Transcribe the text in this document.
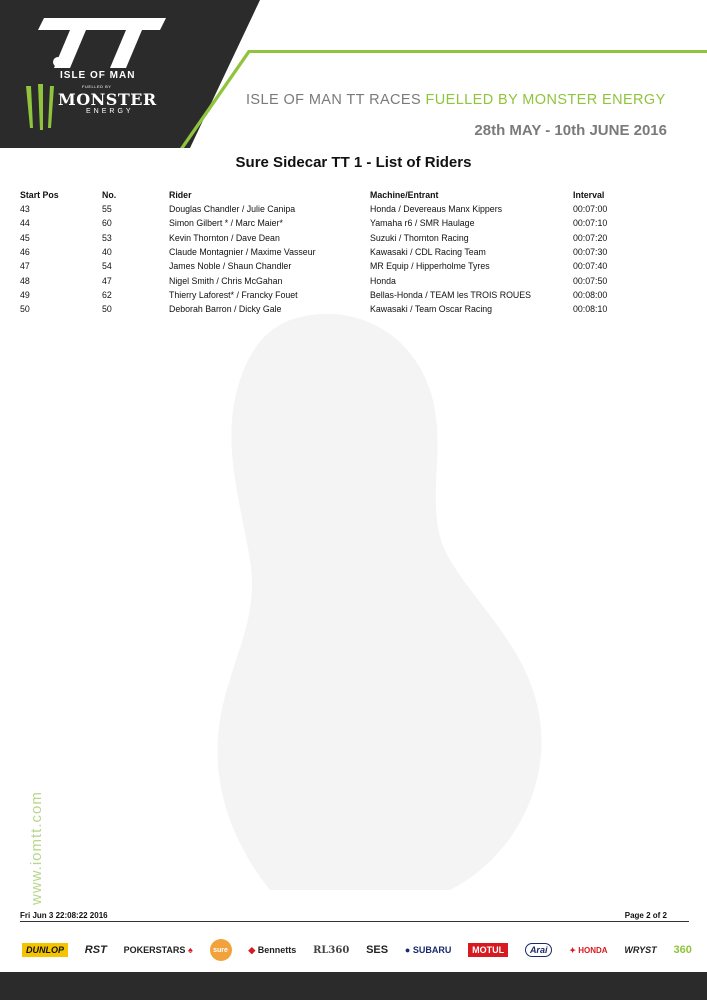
ISLE OF MAN
FUELLED BY
MONSTER
ENERGY
ISLE OF MAN TT RACES FUELLED BY MONSTER ENERGY
28th MAY - 10th JUNE 2016
Sure Sidecar TT 1 - List of Riders
Start Pos	No.	Rider	Machine/Entrant	Interval
43	55	Douglas Chandler / Julie Canipa	Honda / Devereaus Manx Kippers	00:07:00
44	60	Simon Gilbert * / Marc Maier*	Yamaha r6 / SMR Haulage	00:07:10
45	53	Kevin Thornton / Dave Dean	Suzuki / Thornton Racing	00:07:20
46	40	Claude Montagnier / Maxime Vasseur	Kawasaki / CDL Racing Team	00:07:30
47	54	James Noble / Shaun Chandler	MR Equip / Hipperholme Tyres	00:07:40
48	47	Nigel Smith / Chris McGahan	Honda	00:07:50
49	62	Thierry Laforest* / Francky Fouet	Bellas-Honda / TEAM les TROIS ROUES	00:08:00
50	50	Deborah Barron / Dicky Gale	Kawasaki / Team Oscar Racing	00:08:10
www.iomtt.com
Fri Jun 3 22:08:22 2016	Page 2 of 2
DUNLOP	RST POKERSTARS ♠	sure	◆ Bennetts RL360 SES ● SUBARU	MOTUL	Arai	✦ HONDA WRYST 360
